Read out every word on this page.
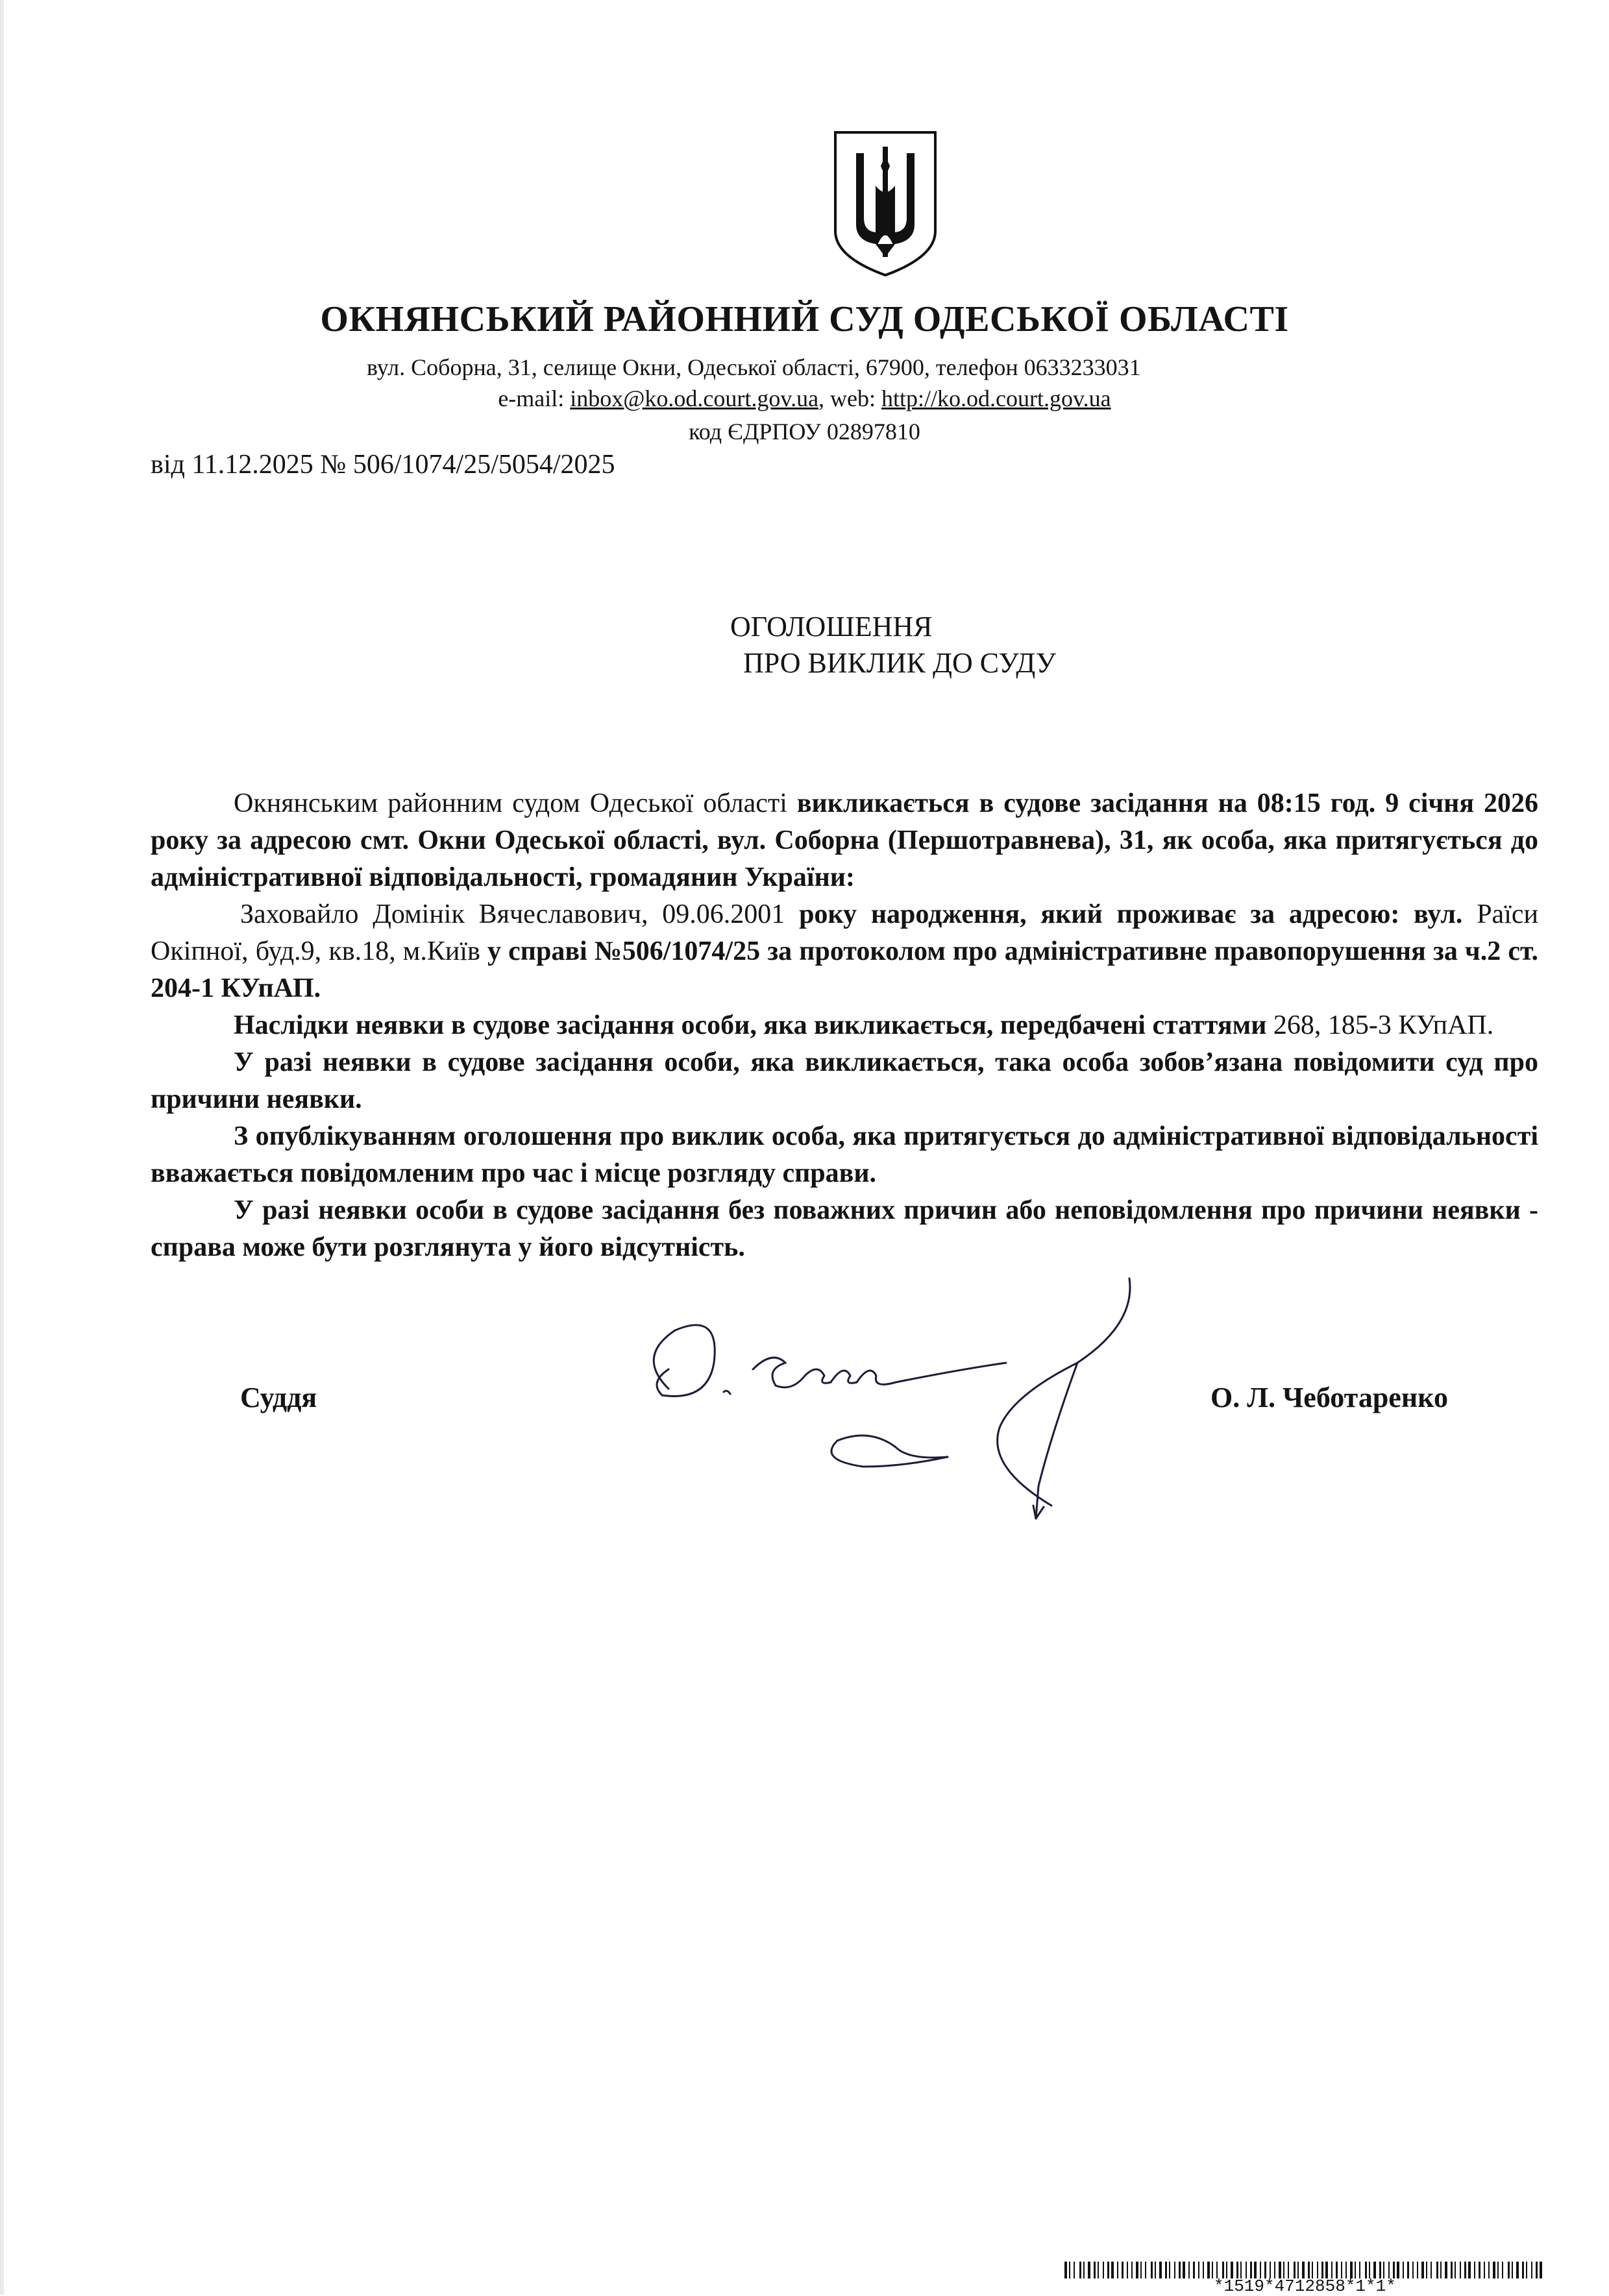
ОКНЯНСЬКИЙ РАЙОННИЙ СУД ОДЕСЬКОЇ ОБЛАСТІ
вул. Соборна, 31, селище Окни, Одеської області, 67900, телефон 0633233031
e-mail: inbox@ko.od.court.gov.ua, web: http://ko.od.court.gov.ua
код ЄДРПОУ 02897810
від 11.12.2025 № 506/1074/25/5054/2025
ОГОЛОШЕННЯ
ПРО ВИКЛИК ДО СУДУ

Окнянським районним судом Одеської області викликається в судове засідання на 08:15 год. 9 січня 2026 року за адресою смт. Окни Одеської області, вул. Соборна (Першотравнева), 31, як особа, яка притягується до адміністративної відповідальності, громадянин України:

Заховайло Домінік Вячеславович, 09.06.2001 року народження, який проживає за адресою: вул. Раїси Окіпної, буд.9, кв.18, м.Київ у справі №506/1074/25 за протоколом про адміністративне правопорушення за ч.2 ст. 204-1 КУпАП.

Наслідки неявки в судове засідання особи, яка викликається, передбачені статтями 268, 185-3 КУпАП.

У разі неявки в судове засідання особи, яка викликається, така особа зобов’язана повідомити суд про причини неявки.

З опублікуванням оголошення про виклик особа, яка притягується до адміністративної відповідальності вважається повідомленим про час і місце розгляду справи.

У разі неявки особи в судове засідання без поважних причин або неповідомлення про причини неявки - справа може бути розглянута у його відсутність.

Суддя	О. Л. Чеботаренко
*1519*4712858*1*1*
